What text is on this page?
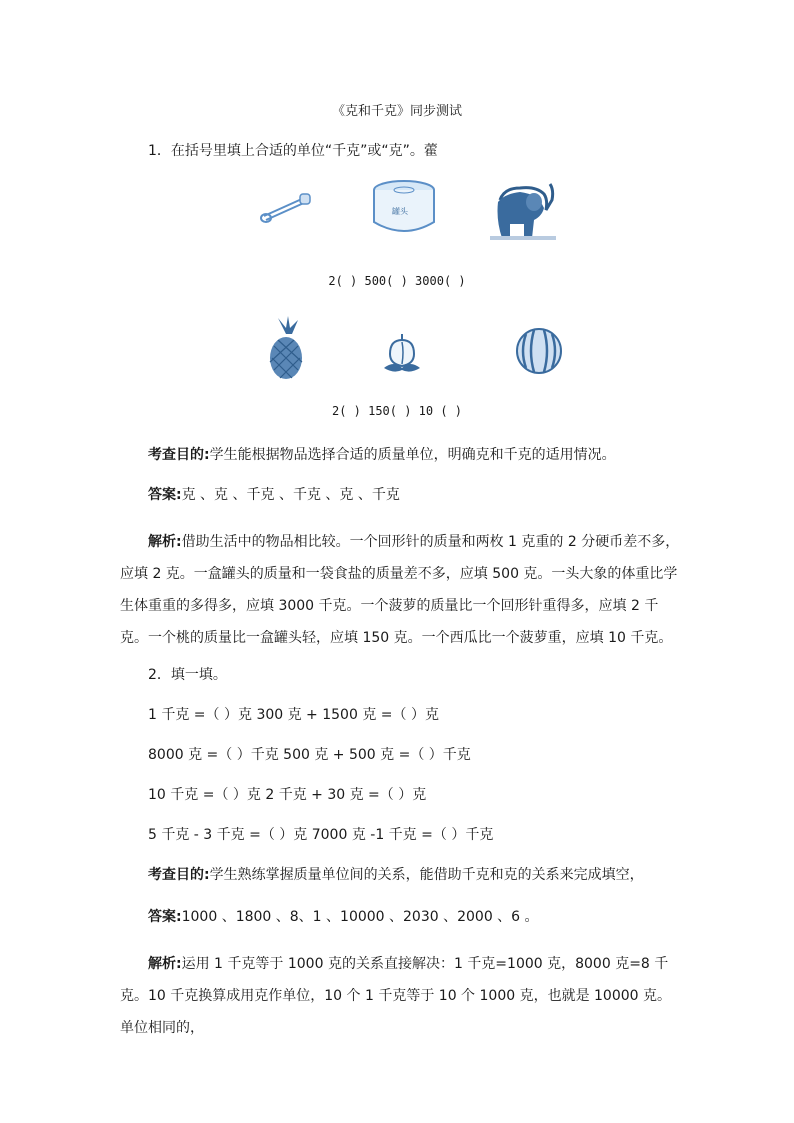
《克和千克》同步测试
1．在括号里填上合适的单位“千克”或“克”。藿
罐头
2( ) 500( ) 3000( )
2( ) 150( ) 10 ( )
考查目的:学生能根据物品选择合适的质量单位，明确克和千克的适用情况。
答案:克 、克 、千克 、千克 、克 、千克
解析:借助生活中的物品相比较。一个回形针的质量和两枚 1 克重的 2 分硬币差不多，应填 2 克。一盒罐头的质量和一袋食盐的质量差不多，应填 500 克。一头大象的体重比学生体重重的多得多，应填 3000 千克。一个菠萝的质量比一个回形针重得多，应填 2 千克。一个桃的质量比一盒罐头轻，应填 150 克。一个西瓜比一个菠萝重，应填 10 千克。
2．填一填。
1 千克 =（ ）克 300 克 + 1500 克 =（ ）克
8000 克 =（ ）千克 500 克 + 500 克 =（ ）千克
10 千克 =（ ）克 2 千克 + 30 克 =（ ）克
5 千克 - 3 千克 =（ ）克 7000 克 -1 千克 =（ ）千克
考查目的:学生熟练掌握质量单位间的关系，能借助千克和克的关系来完成填空，
答案:1000 、1800 、8、1 、10000 、2030 、2000 、6 。
解析:运用 1 千克等于 1000 克的关系直接解决：1 千克=1000 克，8000 克=8 千克。10 千克换算成用克作单位，10 个 1 千克等于 10 个 1000 克，也就是 10000 克。单位相同的，
